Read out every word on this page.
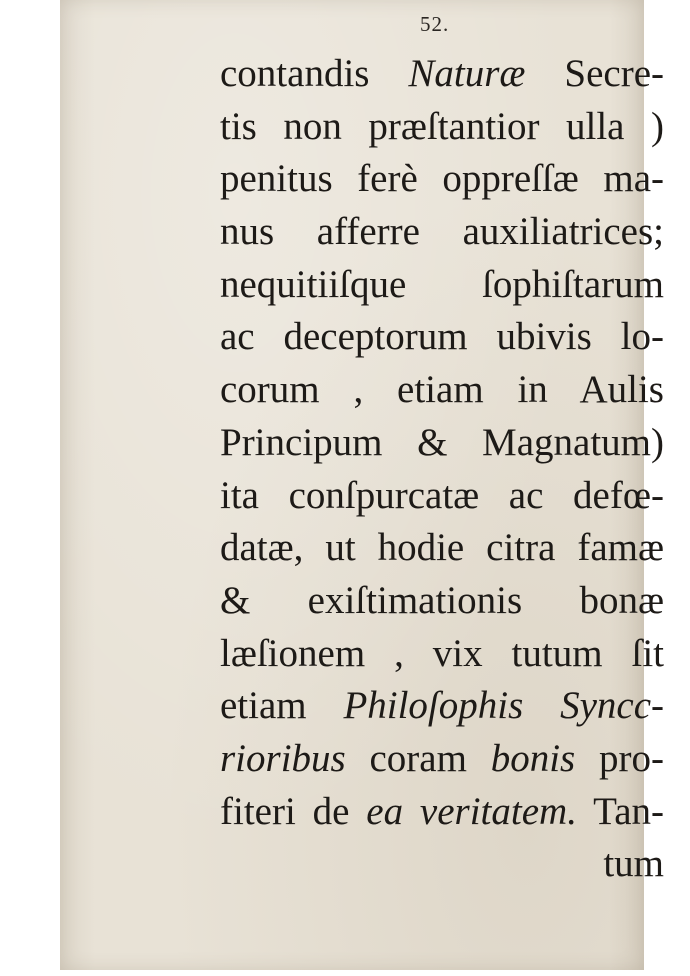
52.
contandis Naturæ Secre-
tis non præſtantior ulla )
penitus ferè oppreſſæ ma-
nus afferre auxiliatrices;
nequitiiſque ſophiſtarum
ac deceptorum ubivis lo-
corum , etiam in Aulis
Principum & Magnatum)
ita conſpurcatæ ac defœ-
datæ, ut hodie citra famæ
& exiſtimationis bonæ
læſionem , vix tutum ſit
etiam Philoſophis Syncc-
rioribus coram bonis pro-
fiteri de ea veritatem. Tan-
tum
